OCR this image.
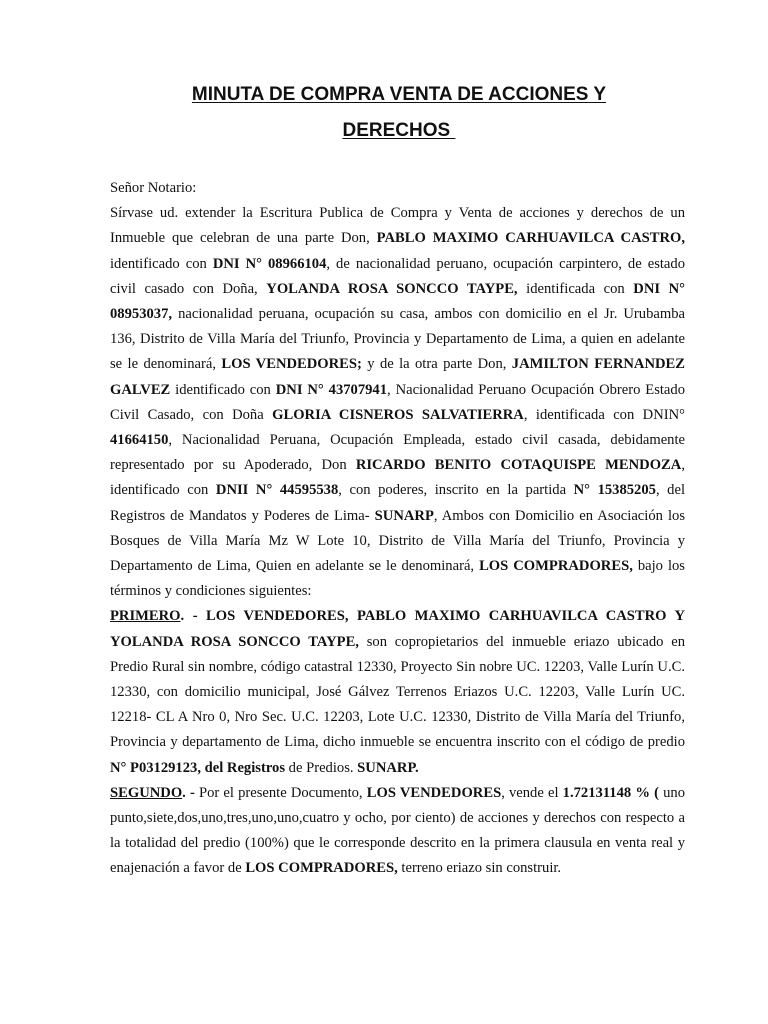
MINUTA DE COMPRA VENTA DE ACCIONES Y
DERECHOS

Señor Notario:

Sírvase ud. extender la Escritura Publica de Compra y Venta de acciones y derechos de un Inmueble que celebran de una parte Don, PABLO MAXIMO CARHUAVILCA CASTRO, identificado con DNI N° 08966104, de nacionalidad peruano, ocupación carpintero, de estado civil casado con Doña, YOLANDA ROSA SONCCO TAYPE, identificada con DNI N° 08953037, nacionalidad peruana, ocupación su casa, ambos con domicilio en el Jr. Urubamba 136, Distrito de Villa María del Triunfo, Provincia y Departamento de Lima, a quien en adelante se le denominará, LOS VENDEDORES; y de la otra parte Don, JAMILTON FERNANDEZ GALVEZ identificado con DNI N° 43707941, Nacionalidad Peruano Ocupación Obrero Estado Civil Casado, con Doña GLORIA CISNEROS SALVATIERRA, identificada con DNIN° 41664150, Nacionalidad Peruana, Ocupación Empleada, estado civil casada, debidamente representado por su Apoderado, Don RICARDO BENITO COTAQUISPE MENDOZA, identificado con DNII N° 44595538, con poderes, inscrito en la partida N° 15385205, del Registros de Mandatos y Poderes de Lima- SUNARP, Ambos con Domicilio en Asociación los Bosques de Villa María Mz W Lote 10, Distrito de Villa María del Triunfo, Provincia y Departamento de Lima, Quien en adelante se le denominará, LOS COMPRADORES, bajo los términos y condiciones siguientes:

PRIMERO. - LOS VENDEDORES, PABLO MAXIMO CARHUAVILCA CASTRO Y YOLANDA ROSA SONCCO TAYPE, son copropietarios del inmueble eriazo ubicado en Predio Rural sin nombre, código catastral 12330, Proyecto Sin nobre UC. 12203, Valle Lurín U.C. 12330, con domicilio municipal, José Gálvez Terrenos Eriazos U.C. 12203, Valle Lurín UC. 12218- CL A Nro 0, Nro Sec. U.C. 12203, Lote U.C. 12330, Distrito de Villa María del Triunfo, Provincia y departamento de Lima, dicho inmueble se encuentra inscrito con el código de predio N° P03129123, del Registros de Predios. SUNARP.

SEGUNDO. - Por el presente Documento, LOS VENDEDORES, vende el 1.72131148 % ( uno punto,siete,dos,uno,tres,uno,uno,cuatro y ocho, por ciento) de acciones y derechos con respecto a la totalidad del predio (100%) que le corresponde descrito en la primera clausula en venta real y enajenación a favor de LOS COMPRADORES, terreno eriazo sin construir.
